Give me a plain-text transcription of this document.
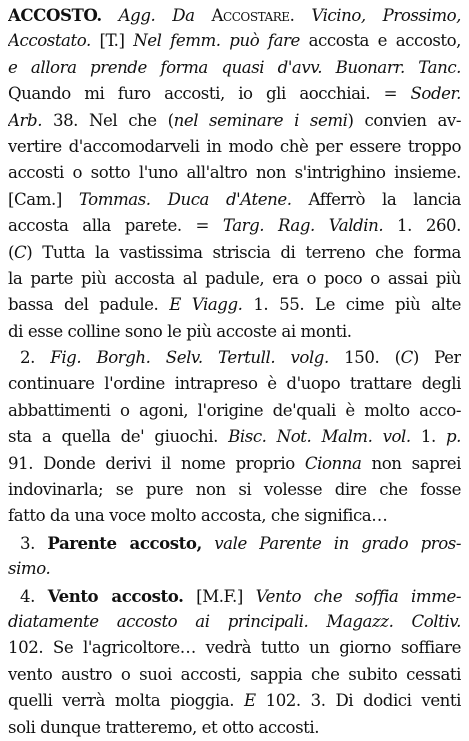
ACCOSTO. Agg. Da Accostare. Vicino, Prossimo,
Accostato. [T.] Nel femm. può fare accosta e accosto,
e allora prende forma quasi d'avv. Buonarr. Tanc.
Quando mi furo accosti, io gli aocchiai. = Soder.
Arb. 38. Nel che (nel seminare i semi) convien av-
vertire d'accomodarveli in modo chè per essere troppo
accosti o sotto l'uno all'altro non s'intrighino insieme.
[Cam.] Tommas. Duca d'Atene. Afferrò la lancia
accosta alla parete. = Targ. Rag. Valdin. 1. 260.
(C) Tutta la vastissima striscia di terreno che forma
la parte più accosta al padule, era o poco o assai più
bassa del padule. E Viagg. 1. 55. Le cime più alte
di esse colline sono le più accoste ai monti.
2. Fig. Borgh. Selv. Tertull. volg. 150. (C) Per
continuare l'ordine intrapreso è d'uopo trattare degli
abbattimenti o agoni, l'origine de'quali è molto acco-
sta a quella de' giuochi. Bisc. Not. Malm. vol. 1. p.
91. Donde derivi il nome proprio Cionna non saprei
indovinarla; se pure non si volesse dire che fosse
fatto da una voce molto accosta, che significa…
3. Parente accosto, vale Parente in grado pros-
simo.
4. Vento accosto. [M.F.] Vento che soffia imme-
diatamente accosto ai principali. Magazz. Coltiv.
102. Se l'agricoltore… vedrà tutto un giorno soffiare
vento austro o suoi accosti, sappia che subito cessati
quelli verrà molta pioggia. E 102. 3. Di dodici venti
soli dunque tratteremo, et otto accosti.
